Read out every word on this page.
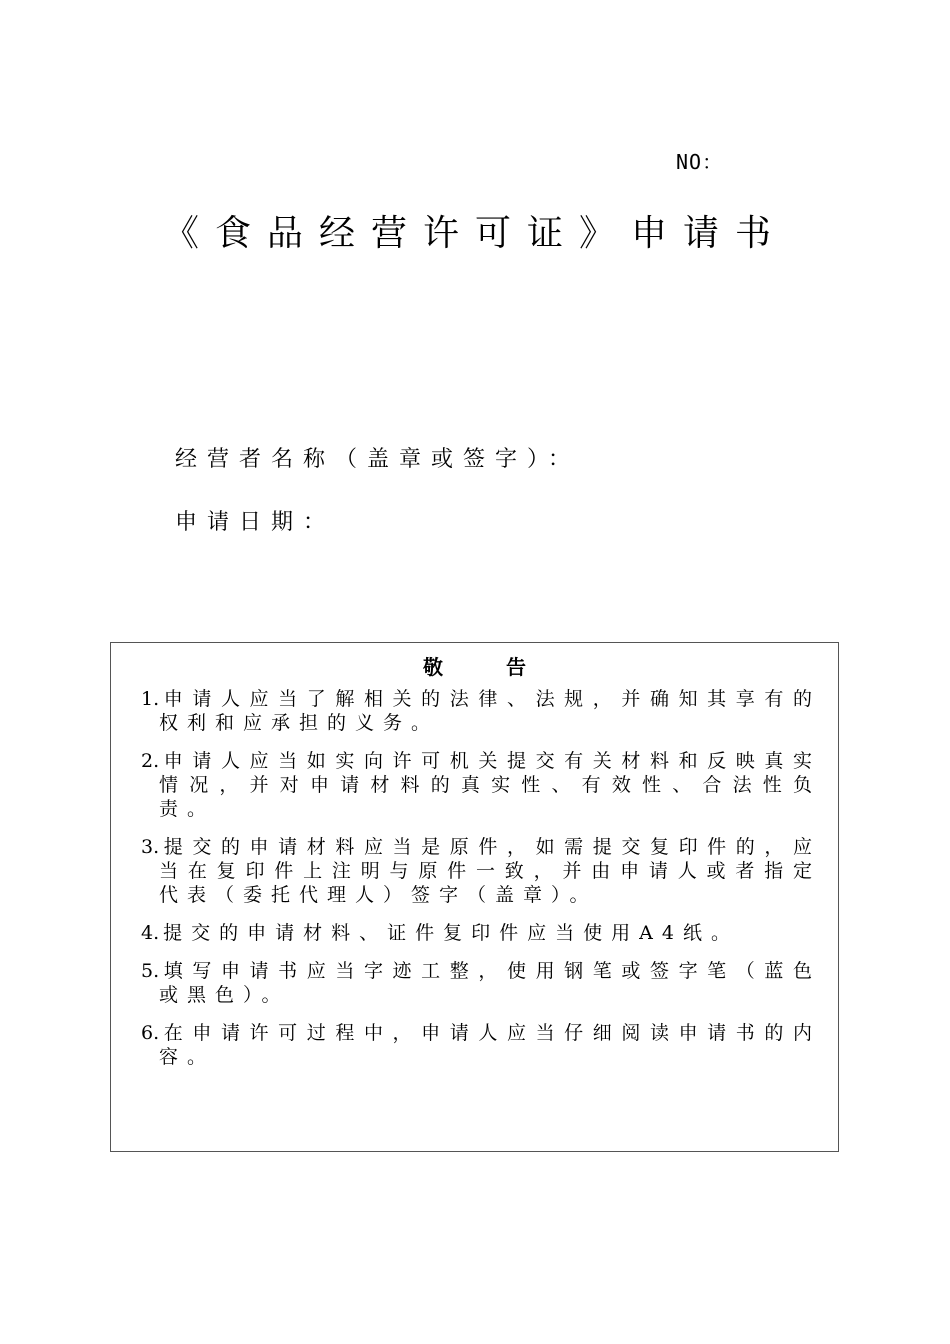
NO：
《食品经营许可证》申请书
经营者名称（盖章或签字）：
申请日期：
敬 告
1. 申请人应当了解相关的法律、法规，并确知其享有的权利和应承担的义务。
2. 申请人应当如实向许可机关提交有关材料和反映真实情况，并对申请材料的真实性、有效性、合法性负责。
3. 提交的申请材料应当是原件，如需提交复印件的，应当在复印件上注明与原件一致，并由申请人或者指定代表（委托代理人）签字（盖章）。
4. 提交的申请材料、证件复印件应当使用A4纸。
5. 填写申请书应当字迹工整，使用钢笔或签字笔（蓝色或黑色）。
6. 在申请许可过程中，申请人应当仔细阅读申请书的内容。
